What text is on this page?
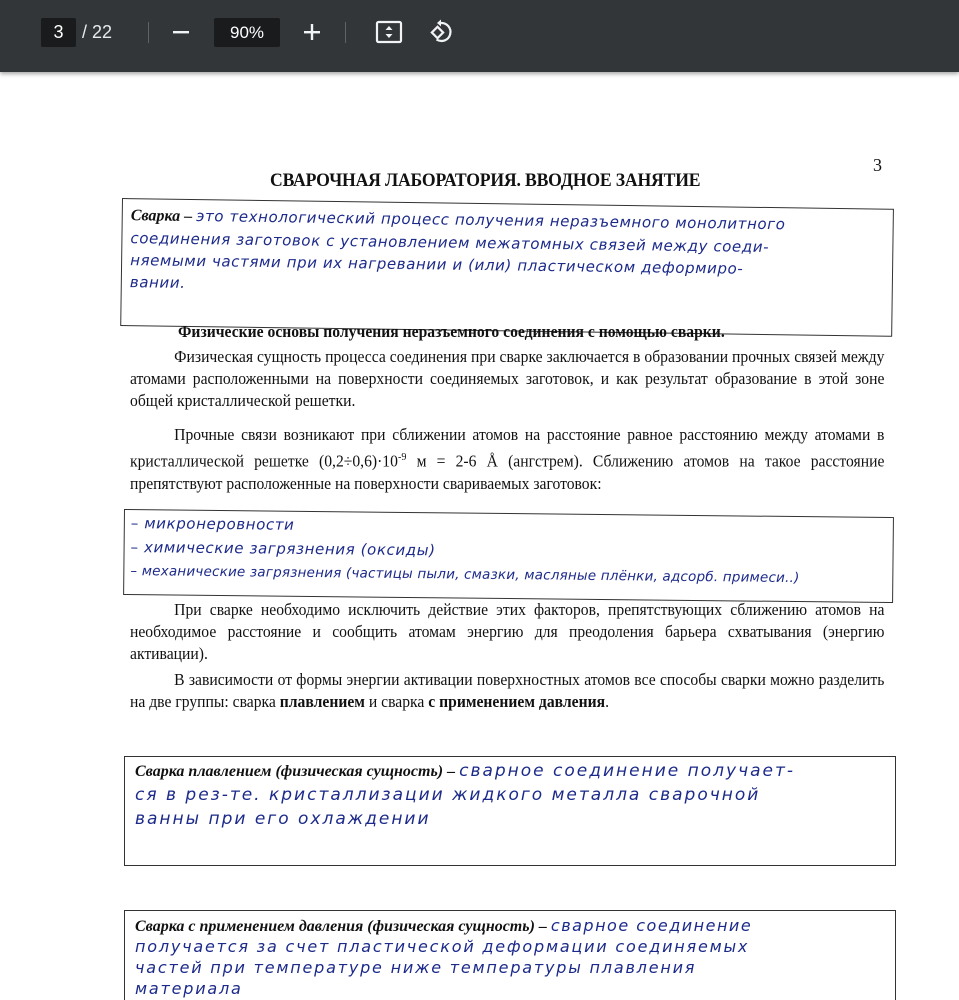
3	/ 22	90%
3
СВАРОЧНАЯ ЛАБОРАТОРИЯ. ВВОДНОЕ ЗАНЯТИЕ
Сварка – это технологический процесс получения неразъемного монолитного
соединения заготовок с установлением межатомных связей между соеди-
няемыми частями при их нагревании и (или) пластическом деформиро-
вании.
Физические основы получения неразъемного соединения с помощью сварки.
Физическая сущность процесса соединения при сварке заключается в образовании прочных связей между атомами расположенными на поверхности соединяемых заготовок, и как результат образование в этой зоне общей кристаллической решетки.
Прочные связи возникают при сближении атомов на расстояние равное расстоянию между атомами в кристаллической решетке $(0,2\div 0,6)\cdot 10^{-9}$ м = 2-6 Å (ангстрем). Сближению атомов на такое расстояние препятствуют расположенные на поверхности свариваемых заготовок:
– микронеровности
– химические загрязнения (оксиды)
– механические загрязнения (частицы пыли, смазки, масляные плёнки, адсорб. примеси..)
При сварке необходимо исключить действие этих факторов, препятствующих сближению атомов на необходимое расстояние и сообщить атомам энергию для преодоления барьера схватывания (энергию активации).
В зависимости от формы энергии активации поверхностных атомов все способы сварки можно разделить на две группы: сварка плавлением и сварка с применением давления.
Сварка плавлением (физическая сущность) – сварное соединение получает-
ся в рез-те. кристаллизации жидкого металла сварочной
ванны при его охлаждении
Сварка с применением давления (физическая сущность) – сварное соединение
получается за счет пластической деформации соединяемых
частей при температуре ниже температуры плавления
материала
